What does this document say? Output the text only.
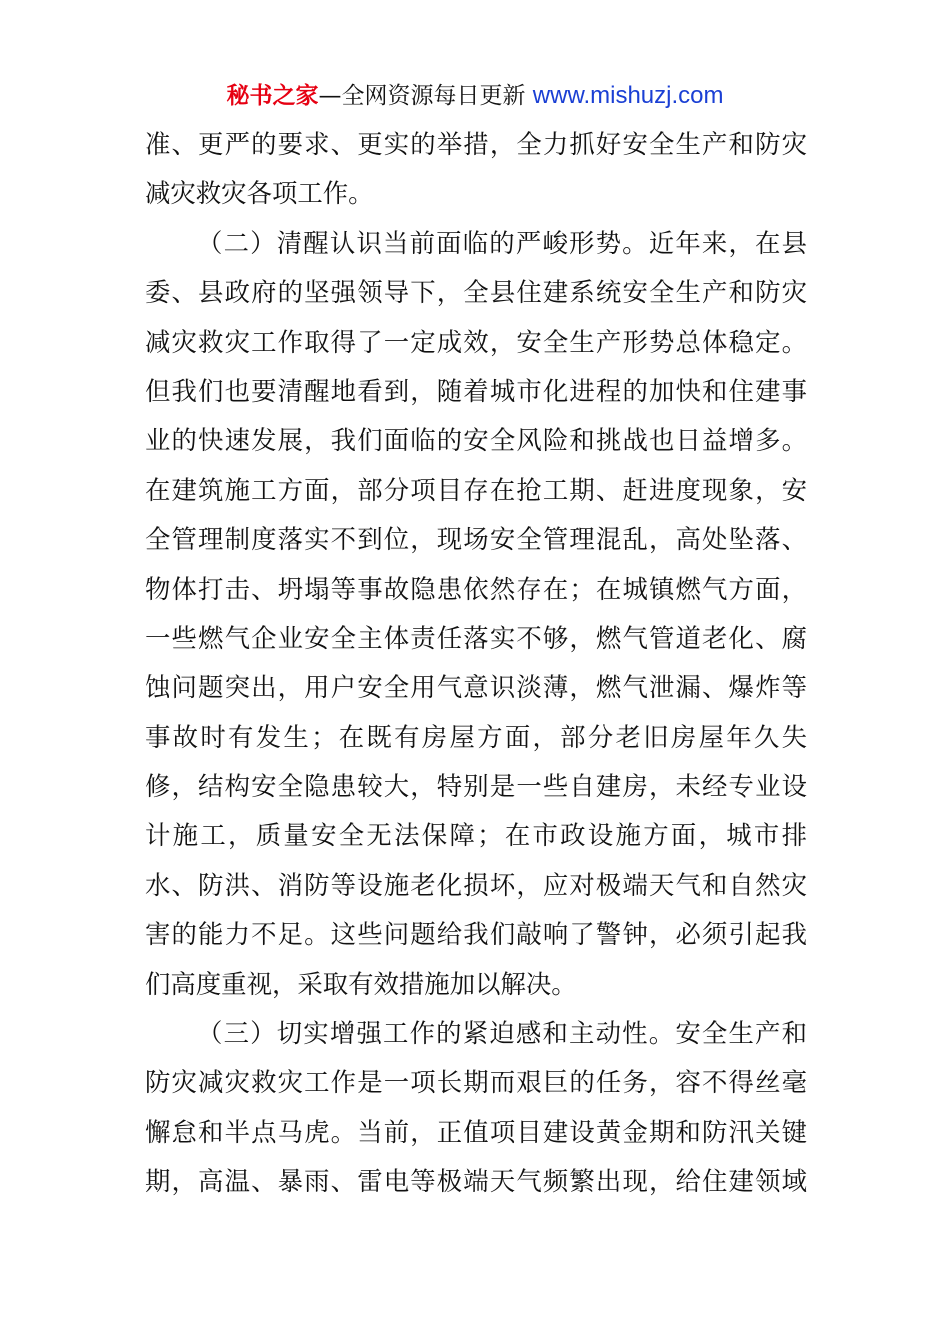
秘书之家—全网资源每日更新 www.mishuzj.com
准、更严的要求、更实的举措，全力抓好安全生产和防灾
减灾救灾各项工作。
（二）清醒认识当前面临的严峻形势。近年来，在县
委、县政府的坚强领导下，全县住建系统安全生产和防灾
减灾救灾工作取得了一定成效，安全生产形势总体稳定。
但我们也要清醒地看到，随着城市化进程的加快和住建事
业的快速发展，我们面临的安全风险和挑战也日益增多。
在建筑施工方面，部分项目存在抢工期、赶进度现象，安
全管理制度落实不到位，现场安全管理混乱，高处坠落、
物体打击、坍塌等事故隐患依然存在；在城镇燃气方面，
一些燃气企业安全主体责任落实不够，燃气管道老化、腐
蚀问题突出，用户安全用气意识淡薄，燃气泄漏、爆炸等
事故时有发生；在既有房屋方面，部分老旧房屋年久失
修，结构安全隐患较大，特别是一些自建房，未经专业设
计施工，质量安全无法保障；在市政设施方面，城市排
水、防洪、消防等设施老化损坏，应对极端天气和自然灾
害的能力不足。这些问题给我们敲响了警钟，必须引起我
们高度重视，采取有效措施加以解决。
（三）切实增强工作的紧迫感和主动性。安全生产和
防灾减灾救灾工作是一项长期而艰巨的任务，容不得丝毫
懈怠和半点马虎。当前，正值项目建设黄金期和防汛关键
期，高温、暴雨、雷电等极端天气频繁出现，给住建领域
